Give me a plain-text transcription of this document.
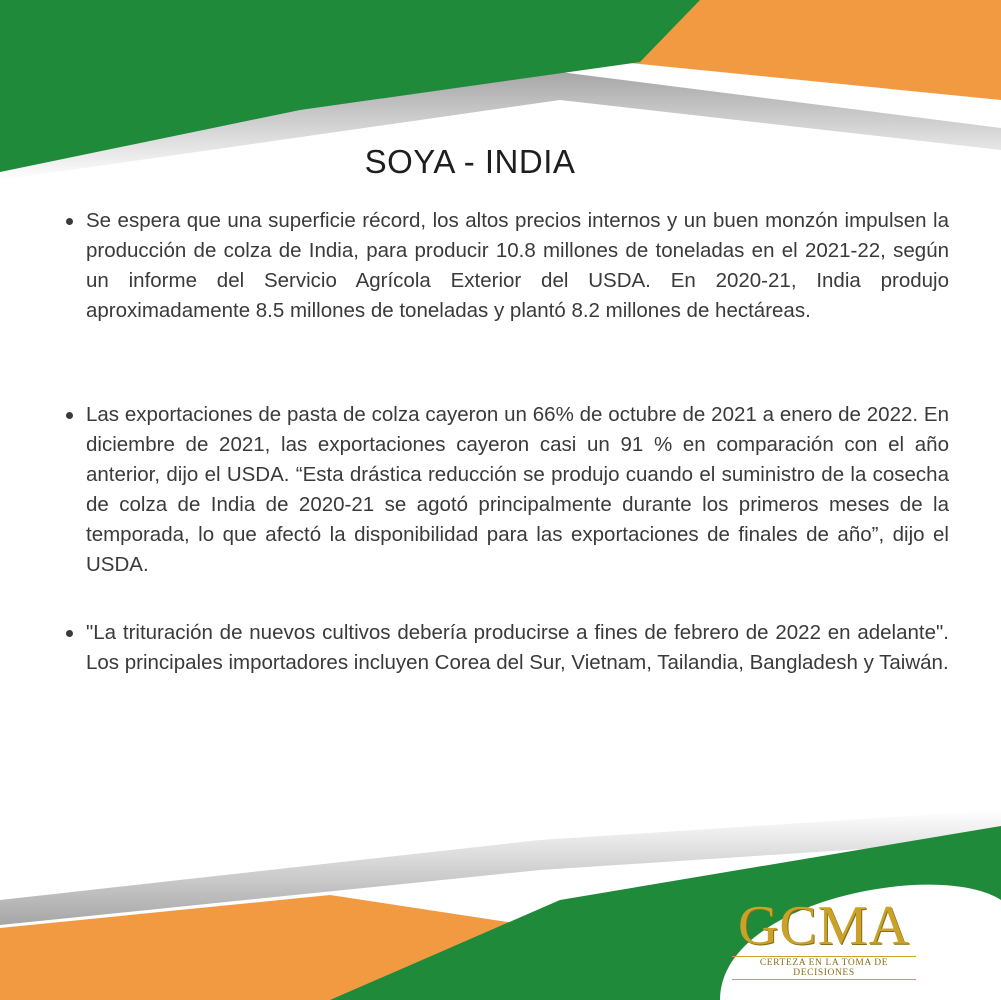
SOYA - INDIA
Se espera que una superficie récord, los altos precios internos y un buen monzón impulsen la producción de colza de India, para producir 10.8 millones de toneladas en el 2021-22, según un informe del Servicio Agrícola Exterior del USDA. En 2020-21, India produjo aproximadamente 8.5 millones de toneladas y plantó 8.2 millones de hectáreas.
Las exportaciones de pasta de colza cayeron un 66% de octubre de 2021 a enero de 2022. En diciembre de 2021, las exportaciones cayeron casi un 91 % en comparación con el año anterior, dijo el USDA. “Esta drástica reducción se produjo cuando el suministro de la cosecha de colza de India de 2020-21 se agotó principalmente durante los primeros meses de la temporada, lo que afectó la disponibilidad para las exportaciones de finales de año”, dijo el USDA.
"La trituración de nuevos cultivos debería producirse a fines de febrero de 2022 en adelante". Los principales importadores incluyen Corea del Sur, Vietnam, Tailandia, Bangladesh y Taiwán.
GCMA
CERTEZA EN LA TOMA DE DECISIONES
